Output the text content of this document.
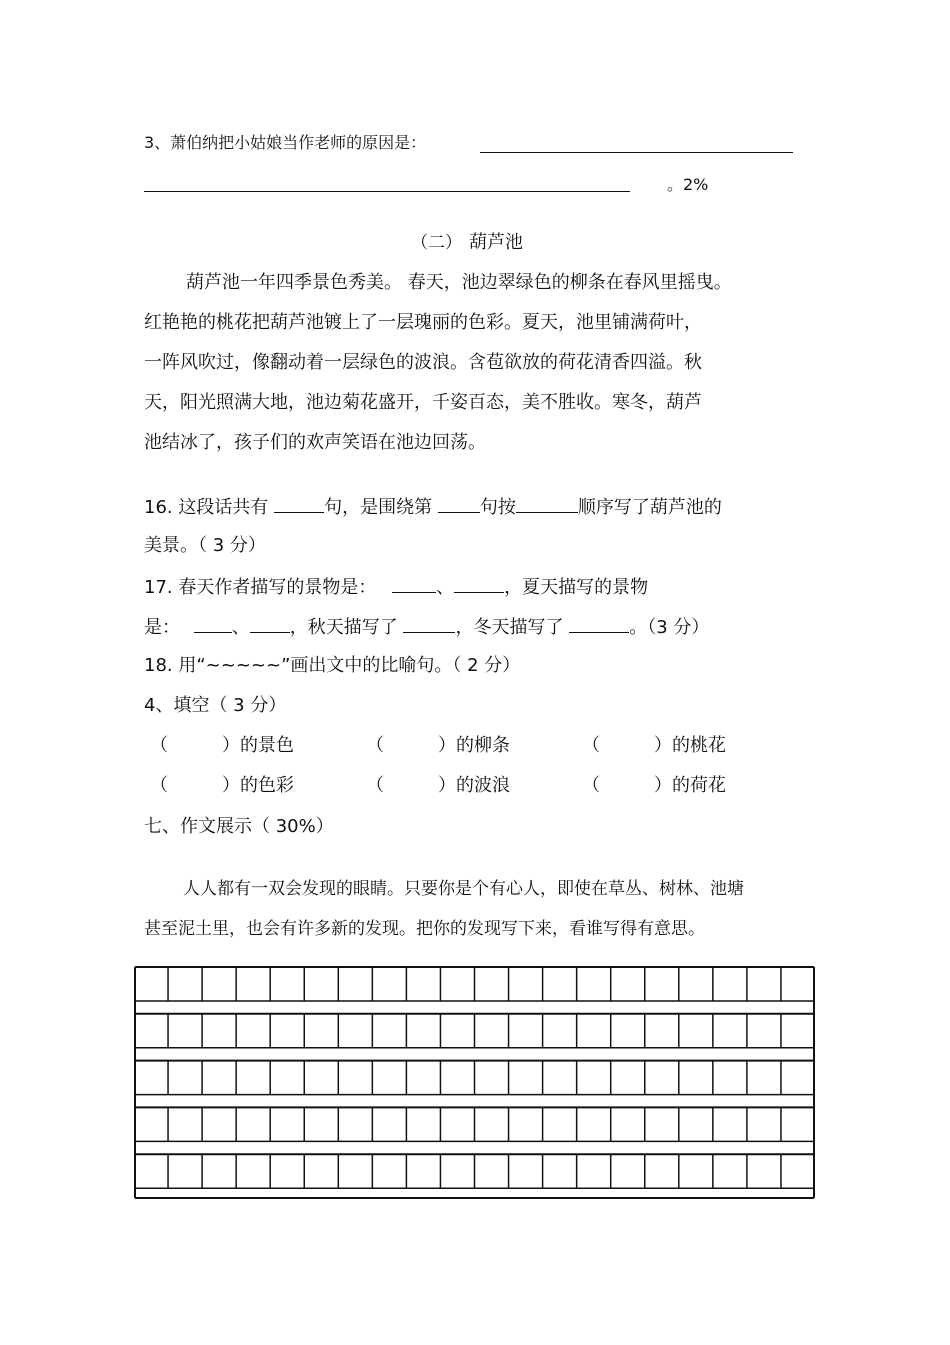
3、萧伯纳把小姑娘当作老师的原因是：
。2%
（二） 葫芦池
葫芦池一年四季景色秀美。 春天，池边翠绿色的柳条在春风里摇曳。
红艳艳的桃花把葫芦池镀上了一层瑰丽的色彩。夏天，池里铺满荷叶，
一阵风吹过，像翻动着一层绿色的波浪。含苞欲放的荷花清香四溢。秋
天，阳光照满大地，池边菊花盛开，千姿百态，美不胜收。寒冬，葫芦
池结冰了，孩子们的欢声笑语在池边回荡。
16. 这段话共有	句，是围绕第	句按	顺序写了葫芦池的
美景。（ 3 分）
17. 春天作者描写的景物是：	、	，夏天描写的景物
是：	、 ，秋天描写了	，冬天描写了	。（3 分）
18. 用“~~~~~”画出文中的比喻句。（ 2 分）
4、填空（ 3 分）
（　　　）的景色	（　　　）的柳条	（　　　）的桃花
（　　　）的色彩	（　　　）的波浪	（　　　）的荷花
七、作文展示（ 30%）
人人都有一双会发现的眼睛。只要你是个有心人，即使在草丛、树林、池塘
甚至泥土里，也会有许多新的发现。把你的发现写下来，看谁写得有意思。
